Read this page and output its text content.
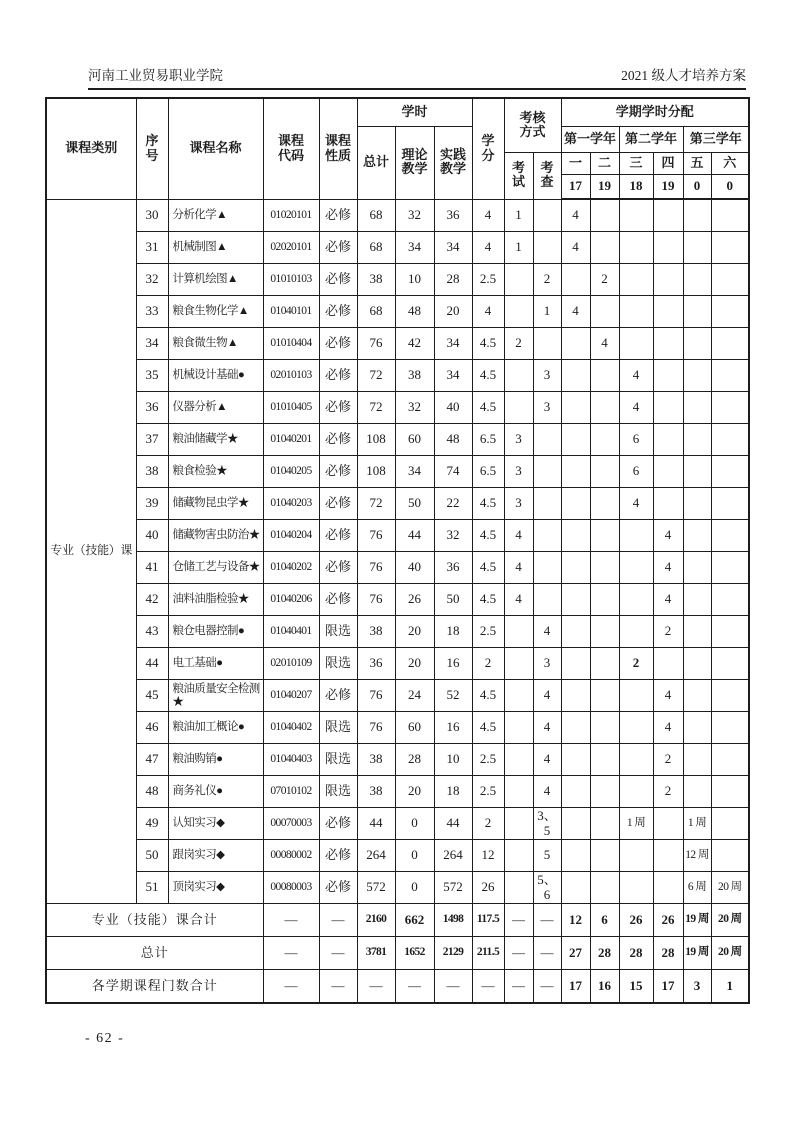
河南工业贸易职业学院	2021 级人才培养方案
课程类别	序号	课程名称	课程代码	课程性质	学时			学分	考核方式		学期学时分配					
					总计	理论教学	实践教学				第一学年		第二学年		第三学年	
									考试	考查	一	二	三	四	五	六
											17	19	18	19	0	0
专业（技能）课	30	分析化学▲	01020101	必修	68	32	36	4	1		4					
	31	机械制图▲	02020101	必修	68	34	34	4	1		4					
	32	计算机绘图▲	01010103	必修	38	10	28	2.5		2		2				
	33	粮食生物化学▲	01040101	必修	68	48	20	4		1	4					
	34	粮食微生物▲	01010404	必修	76	42	34	4.5	2			4				
	35	机械设计基础●	02010103	必修	72	38	34	4.5		3			4			
	36	仪器分析▲	01010405	必修	72	32	40	4.5		3			4			
	37	粮油储藏学★	01040201	必修	108	60	48	6.5	3				6			
	38	粮食检验★	01040205	必修	108	34	74	6.5	3				6			
	39	储藏物昆虫学★	01040203	必修	72	50	22	4.5	3				4			
	40	储藏物害虫防治★	01040204	必修	76	44	32	4.5	4					4		
	41	仓储工艺与设备★	01040202	必修	76	40	36	4.5	4					4		
	42	油料油脂检验★	01040206	必修	76	26	50	4.5	4					4		
	43	粮仓电器控制●	01040401	限选	38	20	18	2.5		4				2		
	44	电工基础●	02010109	限选	36	20	16	2		3			2			
	45	粮油质量安全检测★	01040207	必修	76	24	52	4.5		4				4		
	46	粮油加工概论●	01040402	限选	76	60	16	4.5		4				4		
	47	粮油购销●	01040403	限选	38	28	10	2.5		4				2		
	48	商务礼仪●	07010102	限选	38	20	18	2.5		4				2		
	49	认知实习◆	00070003	必修	44	0	44	2		3、5			1 周		1 周	
	50	跟岗实习◆	00080002	必修	264	0	264	12		5					12 周	
	51	顶岗实习◆	00080003	必修	572	0	572	26		5、6					6 周	20 周
专业（技能）课合计			—	—	2160	662	1498	117.5	—	—	12	6	26	26	19 周	20 周
总计			—	—	3781	1652	2129	211.5	—	—	27	28	28	28	19 周	20 周
各学期课程门数合计			—	—	—	—	—	—	—	—	17	16	15	17	3	1
- 62 -
